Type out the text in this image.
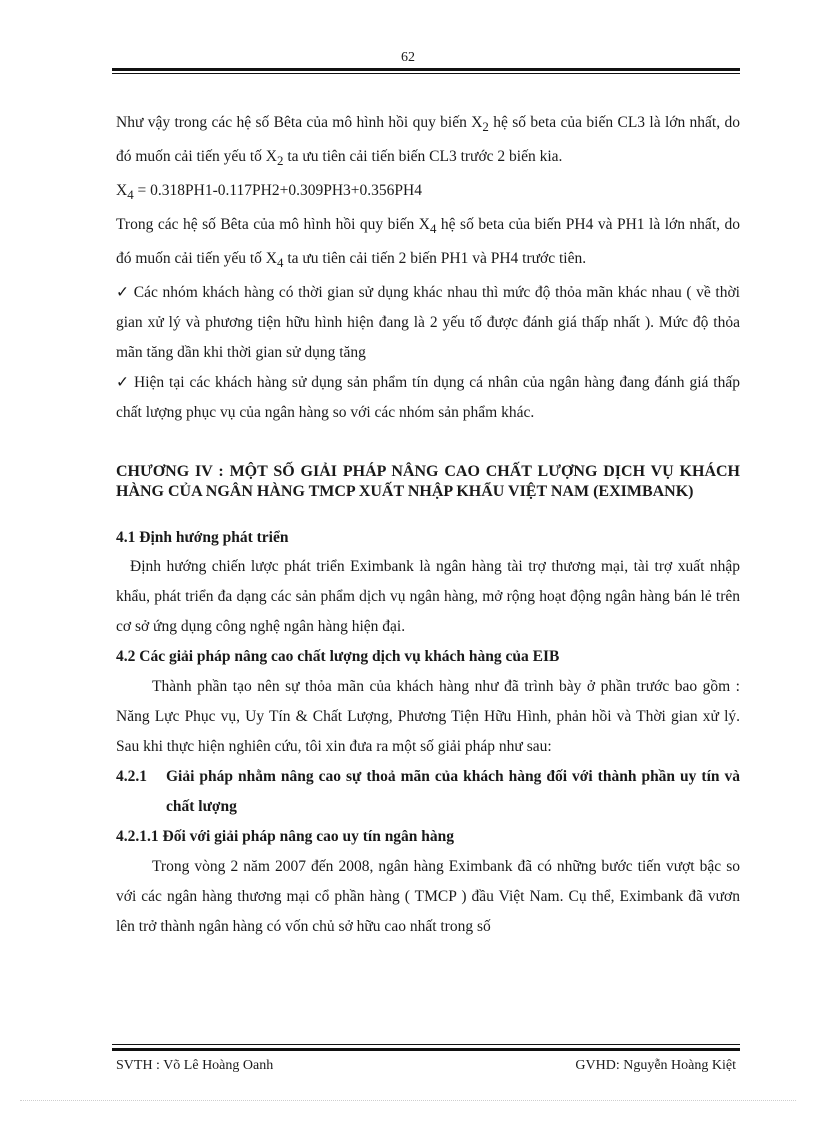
62

Như vậy trong các hệ số Bêta của mô hình hồi quy biến $X_2$ hệ số beta của biến CL3 là lớn nhất, do đó muốn cải tiến yếu tố $X_2$ ta ưu tiên cải tiến biến CL3 trước 2 biến kia.

$X_4 = 0.318PH1-0.117PH2+0.309PH3+0.356PH4$

Trong các hệ số Bêta của mô hình hồi quy biến $X_4$ hệ số beta của biến PH4 và PH1 là lớn nhất, do đó muốn cải tiến yếu tố $X_4$ ta ưu tiên cải tiến 2 biến PH1 và PH4 trước tiên.

✓ Các nhóm khách hàng có thời gian sử dụng khác nhau thì mức độ thỏa mãn khác nhau ( về thời gian xử lý và phương tiện hữu hình hiện đang là 2 yếu tố được đánh giá thấp nhất ). Mức độ thỏa mãn tăng dần khi thời gian sử dụng tăng

✓ Hiện tại các khách hàng sử dụng sản phẩm tín dụng cá nhân của ngân hàng đang đánh giá thấp chất lượng phục vụ của ngân hàng so với các nhóm sản phẩm khác.

CHƯƠNG IV : MỘT SỐ GIẢI PHÁP NÂNG CAO CHẤT LƯỢNG DỊCH VỤ KHÁCH HÀNG CỦA NGÂN HÀNG TMCP XUẤT NHẬP KHẨU VIỆT NAM (EXIMBANK)
4.1 Định hướng phát triển

Định hướng chiến lược phát triển Eximbank là ngân hàng tài trợ thương mại, tài trợ xuất nhập khẩu, phát triển đa dạng các sản phẩm dịch vụ ngân hàng, mở rộng hoạt động ngân hàng bán lẻ trên cơ sở ứng dụng công nghệ ngân hàng hiện đại.

4.2 Các giải pháp nâng cao chất lượng dịch vụ khách hàng của EIB

Thành phần tạo nên sự thỏa mãn của khách hàng như đã trình bày ở phần trước bao gồm : Năng Lực Phục vụ, Uy Tín & Chất Lượng, Phương Tiện Hữu Hình, phản hồi và Thời gian xử lý. Sau khi thực hiện nghiên cứu, tôi xin đưa ra một số giải pháp như sau:

4.2.1	Giải pháp nhằm nâng cao sự thoả mãn của khách hàng đối với thành phần uy tín và chất lượng
4.2.1.1 Đối với giải pháp nâng cao uy tín ngân hàng

Trong vòng 2 năm 2007 đến 2008, ngân hàng Eximbank đã có những bước tiến vượt bậc so với các ngân hàng thương mại cổ phần hàng ( TMCP ) đầu Việt Nam. Cụ thể, Eximbank đã vươn lên trở thành ngân hàng có vốn chủ sở hữu cao nhất trong số

SVTH : Võ Lê Hoàng Oanh	GVHD: Nguyễn Hoàng Kiệt
